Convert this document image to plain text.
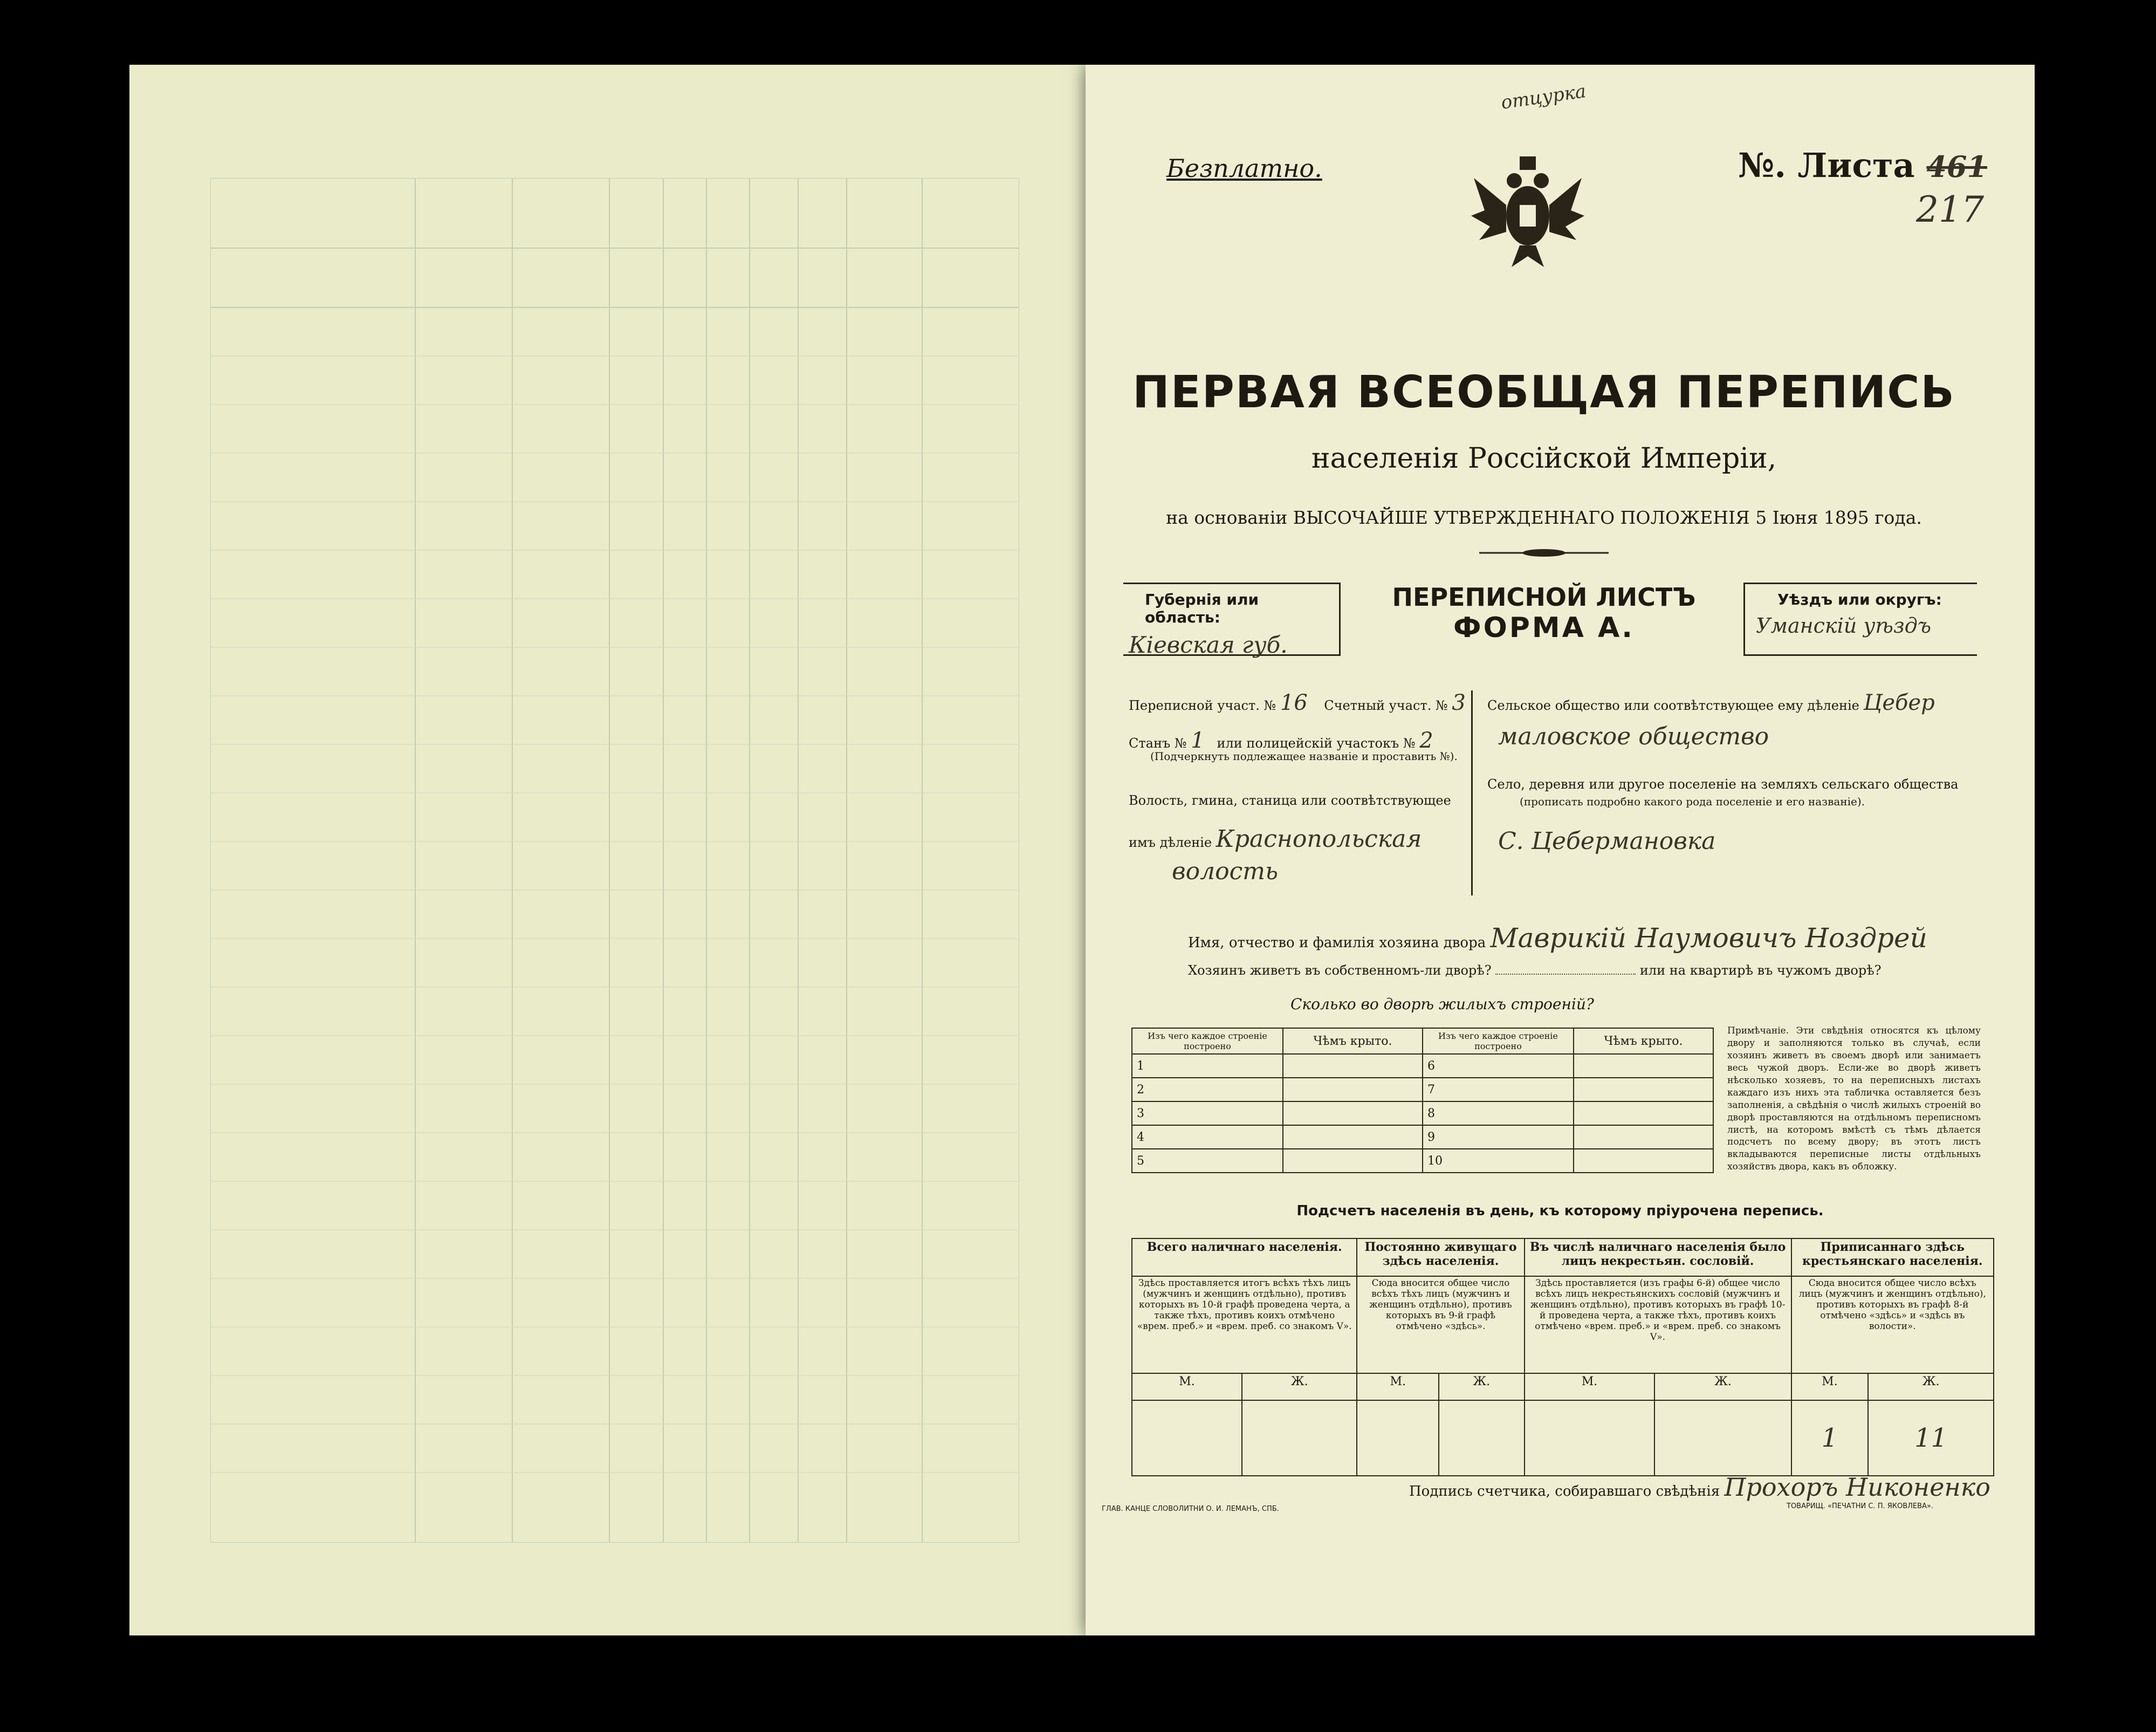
отцурка
Безплатно.	№. Листа 461
217
ПЕРВАЯ ВСЕОБЩАЯ ПЕРЕПИСЬ
населенія Россійской Имперіи,
на основаніи ВЫСОЧАЙШЕ УТВЕРЖДЕННАГО ПОЛОЖЕНІЯ 5 Іюня 1895 года.
Губернія или область:
Кіевская губ.
ПЕРЕПИСНОЙ ЛИСТЪ
ФОРМА А.
Уѣздъ или округъ:
Уманскій уѣздъ
Переписной участ. № 16 Счетный участ. № 3
Станъ № 1 или полицейскій участокъ № 2
(Подчеркнуть подлежащее названіе и проставить №).
Волость, гмина, станица или соотвѣтствующее
имъ дѣленіе Краснопольская
волость
Сельское общество или соотвѣтствующее ему дѣленіе Цебер
маловское общество
Село, деревня или другое поселеніе на земляхъ сельскаго общества
(прописать подробно какого рода поселеніе и его названіе).
С. Цебермановка
Имя, отчество и фамилія хозяина двора Маврикій Наумовичъ Ноздрей
Хозяинъ живетъ въ собственномъ-ли дворѣ?	или на квартирѣ въ чужомъ дворѣ?
Сколько во дворѣ жилыхъ строеній?
Изъ чего каждое строеніе построено	Чѣмъ крыто.	Изъ чего каждое строеніе построено	Чѣмъ крыто.
1		6	
2		7	
3		8	
4		9	
5		10	
Примѣчаніе. Эти свѣдѣнія относятся къ цѣлому двору и заполняются только въ случаѣ, если хозяинъ живетъ въ своемъ дворѣ или занимаетъ весь чужой дворъ. Если-же во дворѣ живетъ нѣсколько хозяевъ, то на переписныхъ листахъ каждаго изъ нихъ эта табличка оставляется безъ заполненія, а свѣдѣнія о числѣ жилыхъ строеній во дворѣ проставляются на отдѣльномъ переписномъ листѣ, на которомъ вмѣстѣ съ тѣмъ дѣлается подсчетъ по всему двору; въ этотъ листъ вкладываются переписные листы отдѣльныхъ хозяйствъ двора, какъ въ обложку.
Подсчетъ населенія въ день, къ которому пріурочена перепись.
Всего наличнаго населенія.		Постоянно живущаго здѣсь населенія.		Въ числѣ наличнаго населенія было лицъ некрестьян. сословій.		Приписаннаго здѣсь крестьянскаго населенія.	
Здѣсь проставляется итогъ всѣхъ тѣхъ лицъ (мужчинъ и женщинъ отдѣльно), противъ которыхъ въ 10-й графѣ проведена черта, а также тѣхъ, противъ коихъ отмѣчено «врем. преб.» и «врем. преб. со знакомъ V».		Сюда вносится общее число всѣхъ тѣхъ лицъ (мужчинъ и женщинъ отдѣльно), противъ которыхъ въ 9-й графѣ отмѣчено «здѣсь».		Здѣсь проставляется (изъ графы 6-й) общее число всѣхъ лицъ некрестьянскихъ сословій (мужчинъ и женщинъ отдѣльно), противъ которыхъ въ графѣ 10-й проведена черта, а также тѣхъ, противъ коихъ отмѣчено «врем. преб.» и «врем. преб. со знакомъ V».		Сюда вносится общее число всѣхъ лицъ (мужчинъ и женщинъ отдѣльно), противъ которыхъ въ графѣ 8-й отмѣчено «здѣсь» и «здѣсь въ волости».	
М.	Ж.	М.	Ж.	М.	Ж.	М.	Ж.
						1	11
Подпись счетчика, собиравшаго свѣдѣнія Прохоръ Никоненко
ГЛАВ. КАНЦЕ СЛОВОЛИТНИ О. И. ЛЕМАНЪ, СПБ.	ТОВАРИЩ. «ПЕЧАТНИ С. П. ЯКОВЛЕВА».
